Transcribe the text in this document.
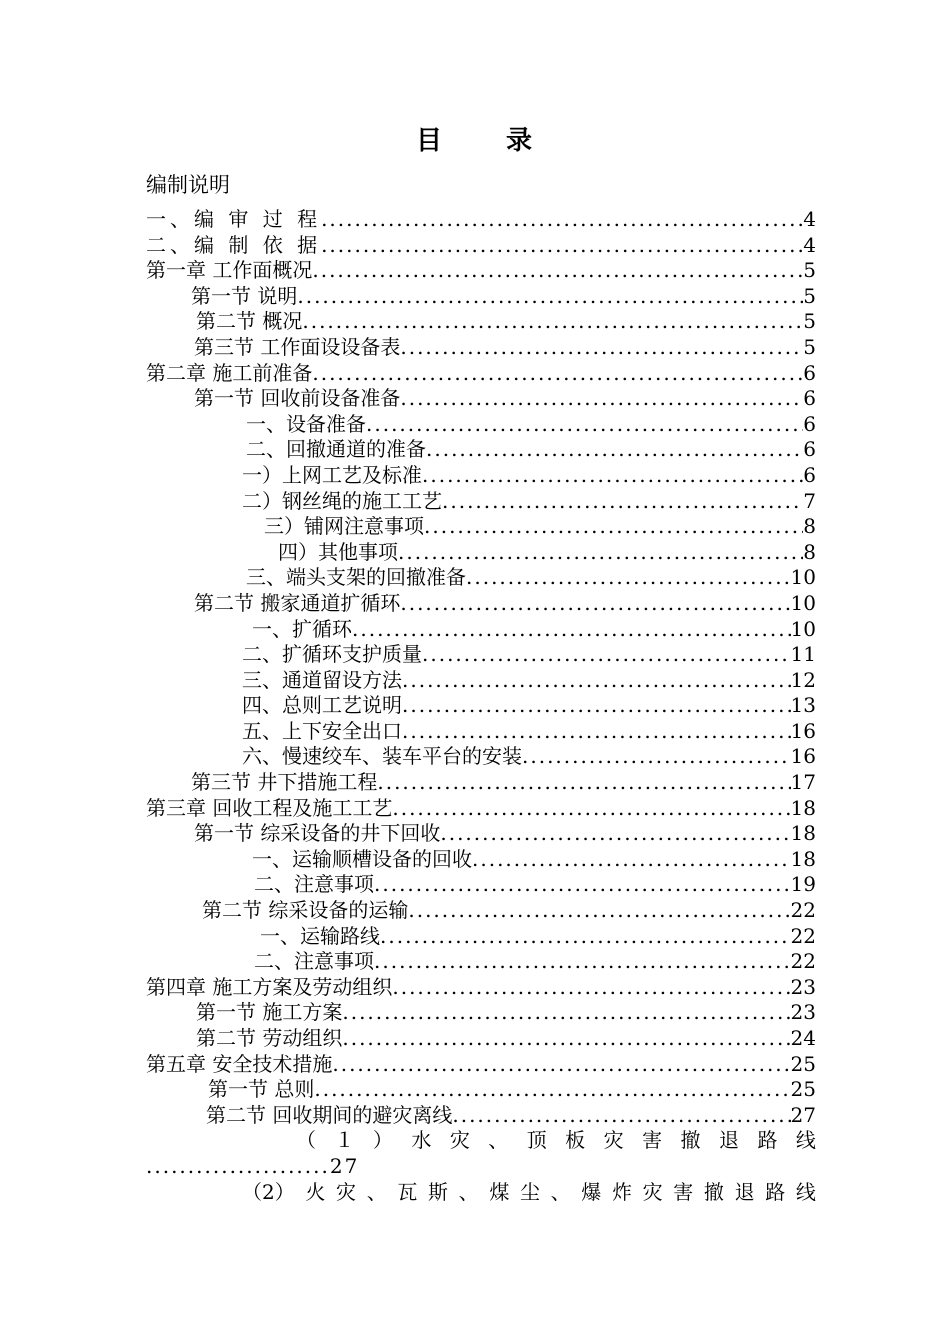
目 录
编制说明
一、编 审 过 程 .....	4
二、编 制 依 据 .....	4
第一章 工作面概况 .....	5
第一节 说明 .....	5
第二节 概况 .....	5
第三节 工作面设设备表 .....	5
第二章 施工前准备 .....	6
第一节 回收前设备准备 .....	6
一、设备准备 .....	6
二、回撤通道的准备 .....	6
一）上网工艺及标准 .....	6
二）钢丝绳的施工工艺 .....	7
三）铺网注意事项 .....	8
四）其他事项 .....	8
三、端头支架的回撤准备 .....	10
第二节 搬家通道扩循环 .....	10
一、扩循环 .....	10
二、扩循环支护质量 .....	11
三、通道留设方法 .....	12
四、总则工艺说明 .....	13
五、上下安全出口 .....	16
六、慢速绞车、装车平台的安装 .....	16
第三节 井下措施工程 .....	17
第三章 回收工程及施工工艺 .....	18
第一节 综采设备的井下回收 .....	18
一、运输顺槽设备的回收 .....	18
二、注意事项 .....	19
第二节 综采设备的运输 .....	22
一、运输路线 .....	22
二、注意事项 .....	22
第四章 施工方案及劳动组织 .....	23
第一节 施工方案 .....	23
第二节 劳动组织 .....	24
第五章 安全技术措施 .....	25
第一节 总则 .....	25
第二节 回收期间的避灾离线 .....	27
（ １ ） 水 灾 、 顶 板 灾 害 撤 退 路 线
......................27
（2） 火 灾 、 瓦 斯 、 煤 尘 、 爆 炸 灾 害 撤 退 路 线
